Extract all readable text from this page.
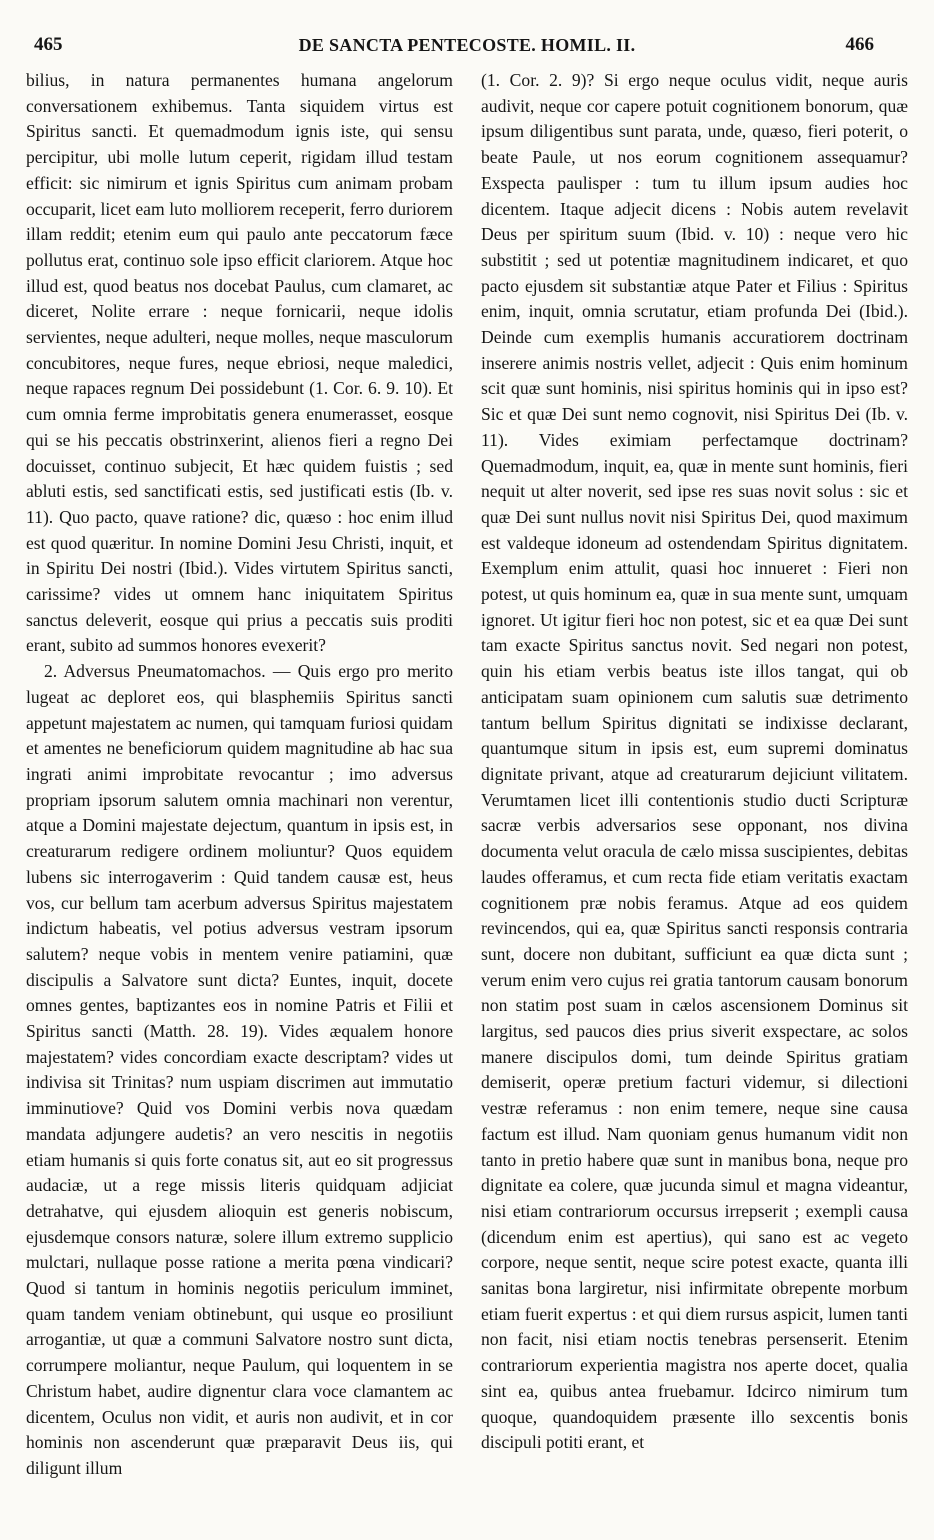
465	DE SANCTA PENTECOSTE. HOMIL. II.	466

bilius, in natura permanentes humana angelorum conversationem exhibemus. Tanta siquidem virtus est Spiritus sancti. Et quemadmodum ignis iste, qui sensu percipitur, ubi molle lutum ceperit, rigidam illud testam efficit: sic nimirum et ignis Spiritus cum animam probam occuparit, licet eam luto molliorem receperit, ferro duriorem illam reddit; etenim eum qui paulo ante peccatorum fæce pollutus erat, continuo sole ipso efficit clariorem. Atque hoc illud est, quod beatus nos docebat Paulus, cum clamaret, ac diceret, Nolite errare : neque fornicarii, neque idolis servientes, neque adulteri, neque molles, neque masculorum concubitores, neque fures, neque ebriosi, neque maledici, neque rapaces regnum Dei possidebunt (1. Cor. 6. 9. 10). Et cum omnia ferme improbitatis genera enumerasset, eosque qui se his peccatis obstrinxerint, alienos fieri a regno Dei docuisset, continuo subjecit, Et hæc quidem fuistis ; sed abluti estis, sed sanctificati estis, sed justificati estis (Ib. v. 11). Quo pacto, quave ratione? dic, quæso : hoc enim illud est quod quæritur. In nomine Domini Jesu Christi, inquit, et in Spiritu Dei nostri (Ibid.). Vides virtutem Spiritus sancti, carissime? vides ut omnem hanc iniquitatem Spiritus sanctus deleverit, eosque qui prius a peccatis suis proditi erant, subito ad summos honores evexerit?

2. Adversus Pneumatomachos. — Quis ergo pro merito lugeat ac deploret eos, qui blasphemiis Spiritus sancti appetunt majestatem ac numen, qui tamquam furiosi quidam et amentes ne beneficiorum quidem magnitudine ab hac sua ingrati animi improbitate revocantur ; imo adversus propriam ipsorum salutem omnia machinari non verentur, atque a Domini majestate dejectum, quantum in ipsis est, in creaturarum redigere ordinem moliuntur? Quos equidem lubens sic interrogaverim : Quid tandem causæ est, heus vos, cur bellum tam acerbum adversus Spiritus majestatem indictum habeatis, vel potius adversus vestram ipsorum salutem? neque vobis in mentem venire patiamini, quæ discipulis a Salvatore sunt dicta? Euntes, inquit, docete omnes gentes, baptizantes eos in nomine Patris et Filii et Spiritus sancti (Matth. 28. 19). Vides æqualem honore majestatem? vides concordiam exacte descriptam? vides ut indivisa sit Trinitas? num uspiam discrimen aut immutatio imminutiove? Quid vos Domini verbis nova quædam mandata adjungere audetis? an vero nescitis in negotiis etiam humanis si quis forte conatus sit, aut eo sit progressus audaciæ, ut a rege missis literis quidquam adjiciat detrahatve, qui ejusdem alioquin est generis nobiscum, ejusdemque consors naturæ, solere illum extremo supplicio mulctari, nullaque posse ratione a merita pœna vindicari? Quod si tantum in hominis negotiis periculum imminet, quam tandem veniam obtinebunt, qui usque eo prosiliunt arrogantiæ, ut quæ a communi Salvatore nostro sunt dicta, corrumpere moliantur, neque Paulum, qui loquentem in se Christum habet, audire dignentur clara voce clamantem ac dicentem, Oculus non vidit, et auris non audivit, et in cor hominis non ascenderunt quæ præparavit Deus iis, qui diligunt illum

(1. Cor. 2. 9)? Si ergo neque oculus vidit, neque auris audivit, neque cor capere potuit cognitionem bonorum, quæ ipsum diligentibus sunt parata, unde, quæso, fieri poterit, o beate Paule, ut nos eorum cognitionem assequamur? Exspecta paulisper : tum tu illum ipsum audies hoc dicentem. Itaque adjecit dicens : Nobis autem revelavit Deus per spiritum suum (Ibid. v. 10) : neque vero hic substitit ; sed ut potentiæ magnitudinem indicaret, et quo pacto ejusdem sit substantiæ atque Pater et Filius : Spiritus enim, inquit, omnia scrutatur, etiam profunda Dei (Ibid.). Deinde cum exemplis humanis accuratiorem doctrinam inserere animis nostris vellet, adjecit : Quis enim hominum scit quæ sunt hominis, nisi spiritus hominis qui in ipso est? Sic et quæ Dei sunt nemo cognovit, nisi Spiritus Dei (Ib. v. 11). Vides eximiam perfectamque doctrinam? Quemadmodum, inquit, ea, quæ in mente sunt hominis, fieri nequit ut alter noverit, sed ipse res suas novit solus : sic et quæ Dei sunt nullus novit nisi Spiritus Dei, quod maximum est valdeque idoneum ad ostendendam Spiritus dignitatem. Exemplum enim attulit, quasi hoc innueret : Fieri non potest, ut quis hominum ea, quæ in sua mente sunt, umquam ignoret. Ut igitur fieri hoc non potest, sic et ea quæ Dei sunt tam exacte Spiritus sanctus novit. Sed negari non potest, quin his etiam verbis beatus iste illos tangat, qui ob anticipatam suam opinionem cum salutis suæ detrimento tantum bellum Spiritus dignitati se indixisse declarant, quantumque situm in ipsis est, eum supremi dominatus dignitate privant, atque ad creaturarum dejiciunt vilitatem. Verumtamen licet illi contentionis studio ducti Scripturæ sacræ verbis adversarios sese opponant, nos divina documenta velut oracula de cælo missa suscipientes, debitas laudes offeramus, et cum recta fide etiam veritatis exactam cognitionem præ nobis feramus. Atque ad eos quidem revincendos, qui ea, quæ Spiritus sancti responsis contraria sunt, docere non dubitant, sufficiunt ea quæ dicta sunt ; verum enim vero cujus rei gratia tantorum causam bonorum non statim post suam in cælos ascensionem Dominus sit largitus, sed paucos dies prius siverit exspectare, ac solos manere discipulos domi, tum deinde Spiritus gratiam demiserit, operæ pretium facturi videmur, si dilectioni vestræ referamus : non enim temere, neque sine causa factum est illud. Nam quoniam genus humanum vidit non tanto in pretio habere quæ sunt in manibus bona, neque pro dignitate ea colere, quæ jucunda simul et magna videantur, nisi etiam contrariorum occursus irrepserit ; exempli causa (dicendum enim est apertius), qui sano est ac vegeto corpore, neque sentit, neque scire potest exacte, quanta illi sanitas bona largiretur, nisi infirmitate obrepente morbum etiam fuerit expertus : et qui diem rursus aspicit, lumen tanti non facit, nisi etiam noctis tenebras persenserit. Etenim contrariorum experientia magistra nos aperte docet, qualia sint ea, quibus antea fruebamur. Idcirco nimirum tum quoque, quandoquidem præsente illo sexcentis bonis discipuli potiti erant, et
